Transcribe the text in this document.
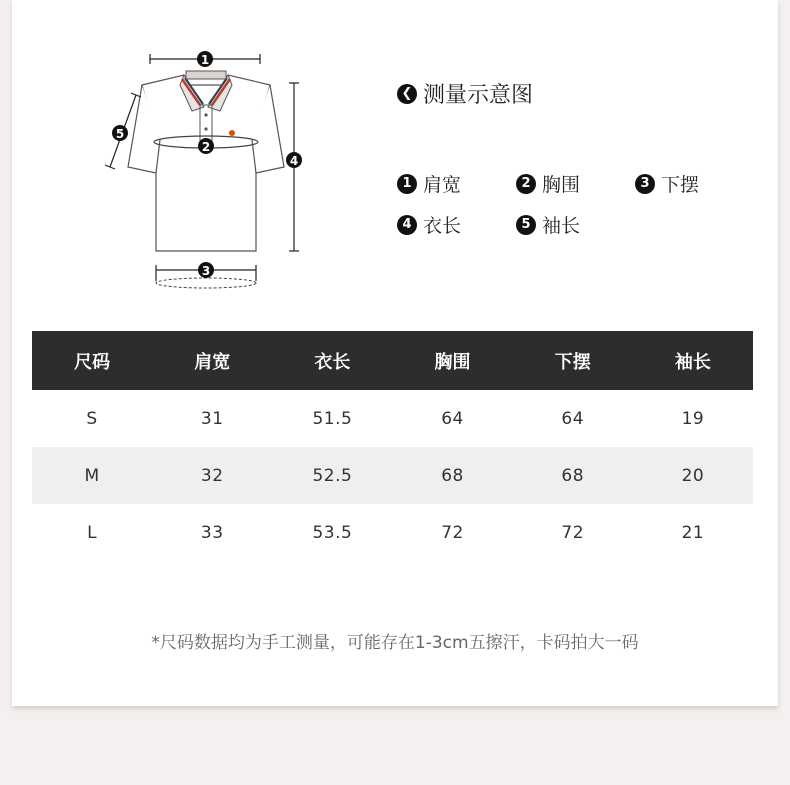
1
2
3
4
5
❮ 测量示意图
1 肩宽	2 胸围	3 下摆
4 衣长	5 袖长
尺码	肩宽	衣长	胸围	下摆	袖长
S	31	51.5	64	64	19
M	32	52.5	68	68	20
L	33	53.5	72	72	21
*尺码数据均为手工测量，可能存在1-3cm五擦汗，卡码拍大一码
